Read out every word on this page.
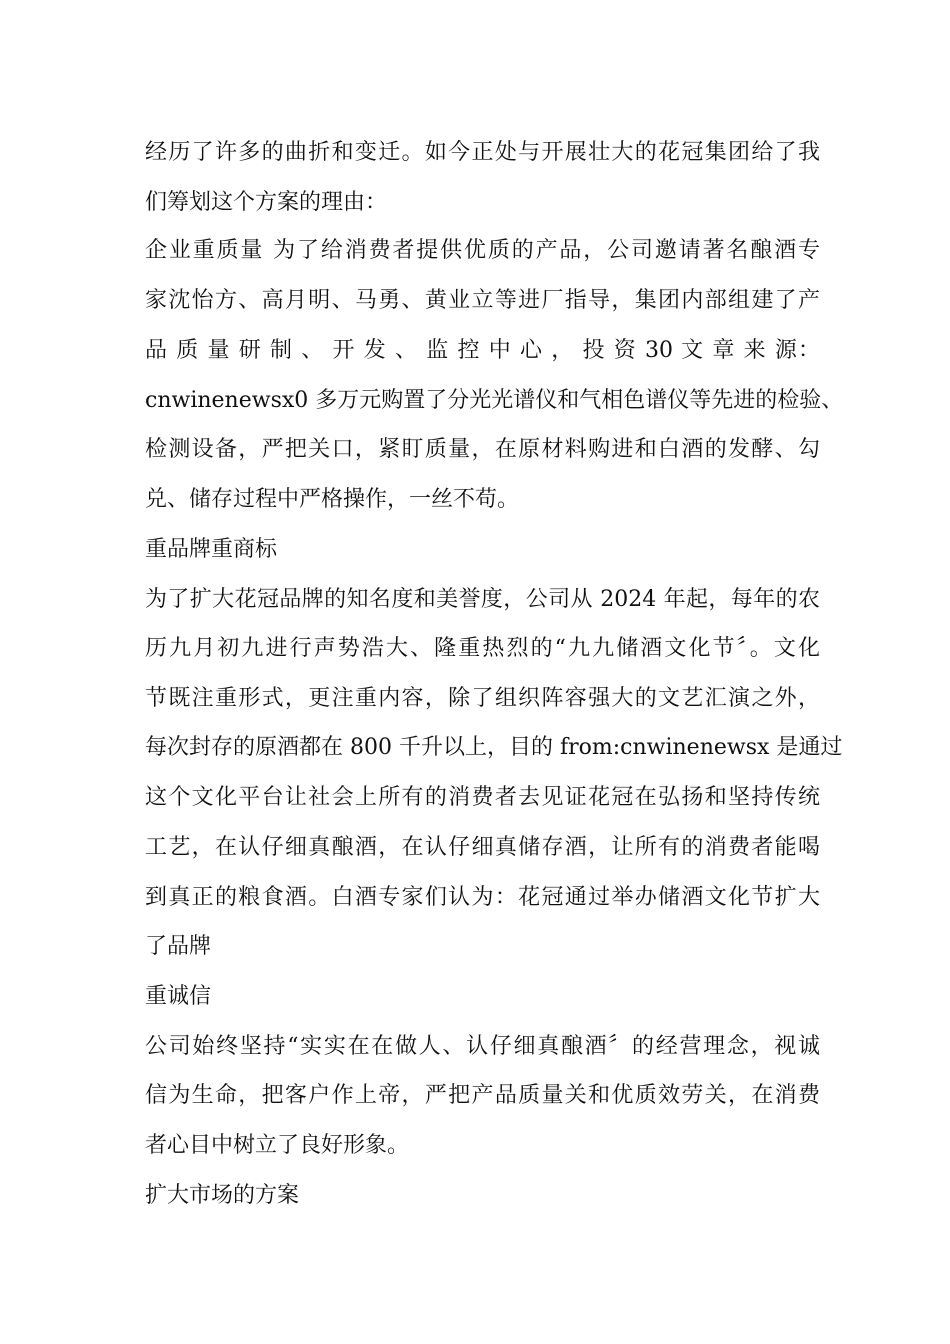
经历了许多的曲折和变迁。如今正处与开展壮大的花冠集团给了我
们筹划这个方案的理由：
企业重质量 为了给消费者提供优质的产品，公司邀请著名酿酒专
家沈怡方、高月明、马勇、黄业立等进厂指导，集团内部组建了产
品 质 量 研 制 、 开 发 、 监 控 中 心 ， 投 资 30 文 章 来 源：
cnwinenewsx0 多万元购置了分光光谱仪和气相色谱仪等先进的检验、
检测设备，严把关口，紧盯质量，在原材料购进和白酒的发酵、勾
兑、储存过程中严格操作，一丝不苟。
重品牌重商标
为了扩大花冠品牌的知名度和美誉度，公司从 2024 年起，每年的农
历九月初九进行声势浩大、隆重热烈的“九九储酒文化节〞。文化
节既注重形式，更注重内容，除了组织阵容强大的文艺汇演之外，
每次封存的原酒都在 800 千升以上，目的 from:cnwinenewsx 是通过
这个文化平台让社会上所有的消费者去见证花冠在弘扬和坚持传统
工艺，在认仔细真酿酒，在认仔细真储存酒，让所有的消费者能喝
到真正的粮食酒。白酒专家们认为：花冠通过举办储酒文化节扩大
了品牌
重诚信
公司始终坚持“实实在在做人、认仔细真酿酒〞的经营理念，视诚
信为生命，把客户作上帝，严把产品质量关和优质效劳关，在消费
者心目中树立了良好形象。
扩大市场的方案
